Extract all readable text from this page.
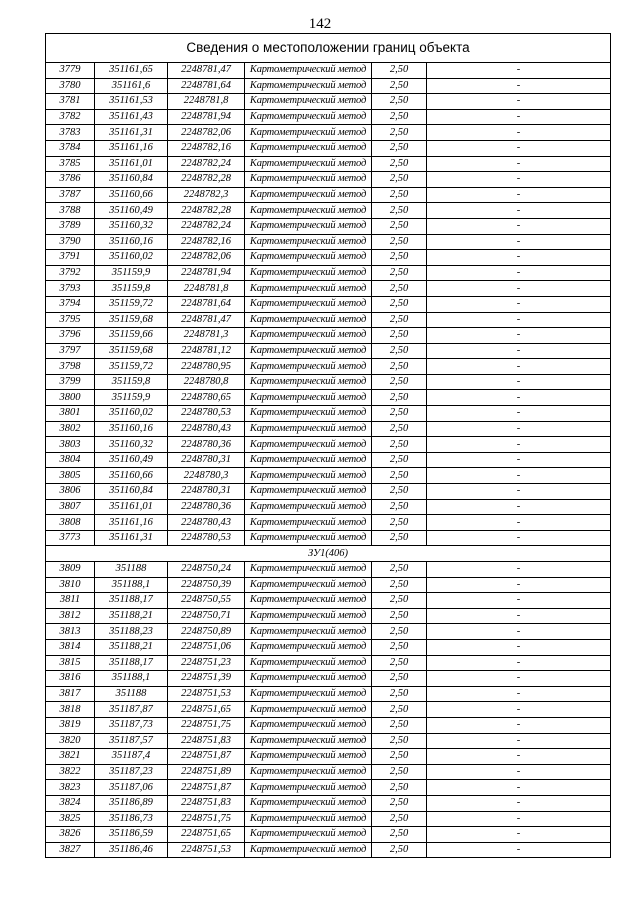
142
Сведения о местоположении границ объекта					
3779	351161,65	2248781,47	Картометрический метод	2,50	-
3780	351161,6	2248781,64	Картометрический метод	2,50	-
3781	351161,53	2248781,8	Картометрический метод	2,50	-
3782	351161,43	2248781,94	Картометрический метод	2,50	-
3783	351161,31	2248782,06	Картометрический метод	2,50	-
3784	351161,16	2248782,16	Картометрический метод	2,50	-
3785	351161,01	2248782,24	Картометрический метод	2,50	-
3786	351160,84	2248782,28	Картометрический метод	2,50	-
3787	351160,66	2248782,3	Картометрический метод	2,50	-
3788	351160,49	2248782,28	Картометрический метод	2,50	-
3789	351160,32	2248782,24	Картометрический метод	2,50	-
3790	351160,16	2248782,16	Картометрический метод	2,50	-
3791	351160,02	2248782,06	Картометрический метод	2,50	-
3792	351159,9	2248781,94	Картометрический метод	2,50	-
3793	351159,8	2248781,8	Картометрический метод	2,50	-
3794	351159,72	2248781,64	Картометрический метод	2,50	-
3795	351159,68	2248781,47	Картометрический метод	2,50	-
3796	351159,66	2248781,3	Картометрический метод	2,50	-
3797	351159,68	2248781,12	Картометрический метод	2,50	-
3798	351159,72	2248780,95	Картометрический метод	2,50	-
3799	351159,8	2248780,8	Картометрический метод	2,50	-
3800	351159,9	2248780,65	Картометрический метод	2,50	-
3801	351160,02	2248780,53	Картометрический метод	2,50	-
3802	351160,16	2248780,43	Картометрический метод	2,50	-
3803	351160,32	2248780,36	Картометрический метод	2,50	-
3804	351160,49	2248780,31	Картометрический метод	2,50	-
3805	351160,66	2248780,3	Картометрический метод	2,50	-
3806	351160,84	2248780,31	Картометрический метод	2,50	-
3807	351161,01	2248780,36	Картометрический метод	2,50	-
3808	351161,16	2248780,43	Картометрический метод	2,50	-
3773	351161,31	2248780,53	Картометрический метод	2,50	-
ЗУ1(406)					
3809	351188	2248750,24	Картометрический метод	2,50	-
3810	351188,1	2248750,39	Картометрический метод	2,50	-
3811	351188,17	2248750,55	Картометрический метод	2,50	-
3812	351188,21	2248750,71	Картометрический метод	2,50	-
3813	351188,23	2248750,89	Картометрический метод	2,50	-
3814	351188,21	2248751,06	Картометрический метод	2,50	-
3815	351188,17	2248751,23	Картометрический метод	2,50	-
3816	351188,1	2248751,39	Картометрический метод	2,50	-
3817	351188	2248751,53	Картометрический метод	2,50	-
3818	351187,87	2248751,65	Картометрический метод	2,50	-
3819	351187,73	2248751,75	Картометрический метод	2,50	-
3820	351187,57	2248751,83	Картометрический метод	2,50	-
3821	351187,4	2248751,87	Картометрический метод	2,50	-
3822	351187,23	2248751,89	Картометрический метод	2,50	-
3823	351187,06	2248751,87	Картометрический метод	2,50	-
3824	351186,89	2248751,83	Картометрический метод	2,50	-
3825	351186,73	2248751,75	Картометрический метод	2,50	-
3826	351186,59	2248751,65	Картометрический метод	2,50	-
3827	351186,46	2248751,53	Картометрический метод	2,50	-
